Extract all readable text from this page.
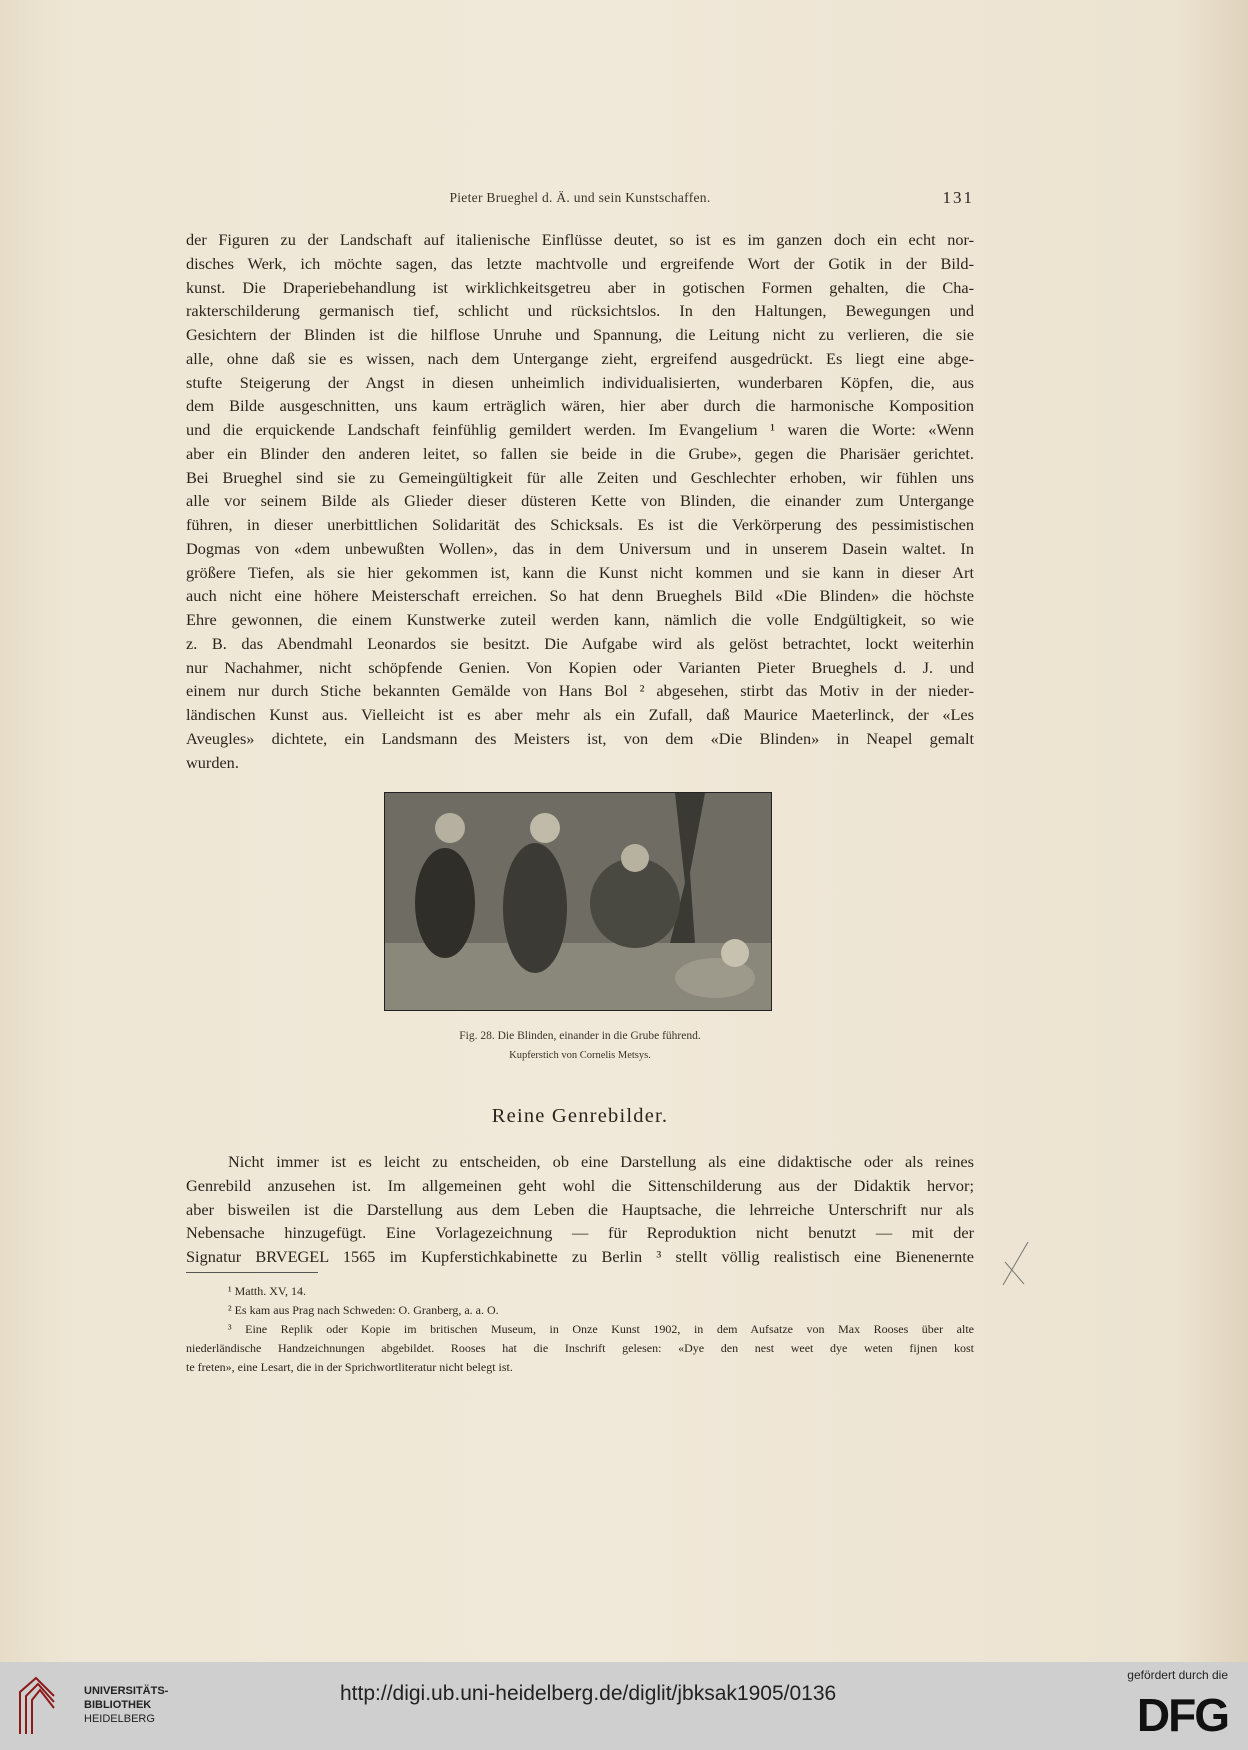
Pieter Brueghel d. Ä. und sein Kunstschaffen.	131
der Figuren zu der Landschaft auf italienische Einflüsse deutet, so ist es im ganzen doch ein echt nor-
disches Werk, ich möchte sagen, das letzte machtvolle und ergreifende Wort der Gotik in der Bild-
kunst. Die Draperiebehandlung ist wirklichkeitsgetreu aber in gotischen Formen gehalten, die Cha-
rakterschilderung germanisch tief, schlicht und rücksichtslos. In den Haltungen, Bewegungen und
Gesichtern der Blinden ist die hilflose Unruhe und Spannung, die Leitung nicht zu verlieren, die sie
alle, ohne daß sie es wissen, nach dem Untergange zieht, ergreifend ausgedrückt. Es liegt eine abge-
stufte Steigerung der Angst in diesen unheimlich individualisierten, wunderbaren Köpfen, die, aus
dem Bilde ausgeschnitten, uns kaum erträglich wären, hier aber durch die harmonische Komposition
und die erquickende Landschaft feinfühlig gemildert werden. Im Evangelium ¹ waren die Worte: «Wenn
aber ein Blinder den anderen leitet, so fallen sie beide in die Grube», gegen die Pharisäer gerichtet.
Bei Brueghel sind sie zu Gemeingültigkeit für alle Zeiten und Geschlechter erhoben, wir fühlen uns
alle vor seinem Bilde als Glieder dieser düsteren Kette von Blinden, die einander zum Untergange
führen, in dieser unerbittlichen Solidarität des Schicksals. Es ist die Verkörperung des pessimistischen
Dogmas von «dem unbewußten Wollen», das in dem Universum und in unserem Dasein waltet. In
größere Tiefen, als sie hier gekommen ist, kann die Kunst nicht kommen und sie kann in dieser Art
auch nicht eine höhere Meisterschaft erreichen. So hat denn Brueghels Bild «Die Blinden» die höchste
Ehre gewonnen, die einem Kunstwerke zuteil werden kann, nämlich die volle Endgültigkeit, so wie
z. B. das Abendmahl Leonardos sie besitzt. Die Aufgabe wird als gelöst betrachtet, lockt weiterhin
nur Nachahmer, nicht schöpfende Genien. Von Kopien oder Varianten Pieter Brueghels d. J. und
einem nur durch Stiche bekannten Gemälde von Hans Bol ² abgesehen, stirbt das Motiv in der nieder-
ländischen Kunst aus. Vielleicht ist es aber mehr als ein Zufall, daß Maurice Maeterlinck, der «Les
Aveugles» dichtete, ein Landsmann des Meisters ist, von dem «Die Blinden» in Neapel gemalt
wurden.
Fig. 28. Die Blinden, einander in die Grube führend.
Kupferstich von Cornelis Metsys.
Reine Genrebilder.
Nicht immer ist es leicht zu entscheiden, ob eine Darstellung als eine didaktische oder als reines
Genrebild anzusehen ist. Im allgemeinen geht wohl die Sittenschilderung aus der Didaktik hervor;
aber bisweilen ist die Darstellung aus dem Leben die Hauptsache, die lehrreiche Unterschrift nur als
Nebensache hinzugefügt. Eine Vorlagezeichnung — für Reproduktion nicht benutzt — mit der
Signatur BRVEGEL 1565 im Kupferstichkabinette zu Berlin ³ stellt völlig realistisch eine Bienenernte
¹ Matth. XV, 14.
² Es kam aus Prag nach Schweden: O. Granberg, a. a. O.
³ Eine Replik oder Kopie im britischen Museum, in Onze Kunst 1902, in dem Aufsatze von Max Rooses über alte
niederländische Handzeichnungen abgebildet. Rooses hat die Inschrift gelesen: «Dye den nest weet dye weten fijnen kost
te freten», eine Lesart, die in der Sprichwortliteratur nicht belegt ist.
UNIVERSITÄTS-
BIBLIOTHEK
HEIDELBERG
http://digi.ub.uni-heidelberg.de/diglit/jbksak1905/0136
gefördert durch die
DFG
